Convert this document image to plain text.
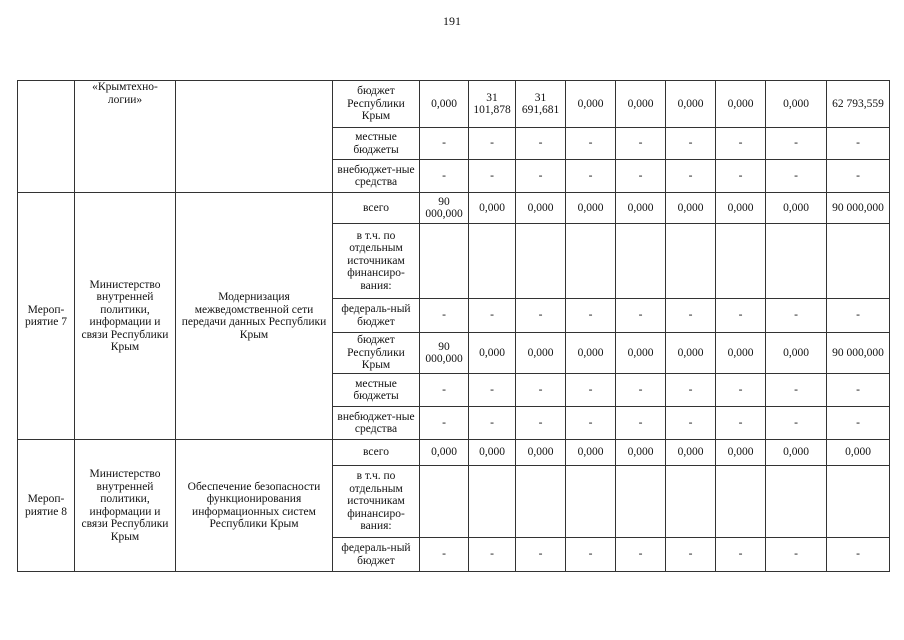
191
	«Крымтехно-логии»		бюджет Республики Крым	0,000	31 101,878	31 691,681	0,000	0,000	0,000	0,000	0,000	62 793,559
			местные бюджеты	-	-	-	-	-	-	-	-	-
			внебюджет-ные средства	-	-	-	-	-	-	-	-	-
Мероп-риятие 7	Министерство внутренней политики, информации и связи Республики Крым	Модернизация межведомственной сети передачи данных Республики Крым	всего	90 000,000	0,000	0,000	0,000	0,000	0,000	0,000	0,000	90 000,000
			в т.ч. по отдельным источникам финансиро-вания:									
			федераль-ный бюджет	-	-	-	-	-	-	-	-	-
			бюджет Республики Крым	90 000,000	0,000	0,000	0,000	0,000	0,000	0,000	0,000	90 000,000
			местные бюджеты	-	-	-	-	-	-	-	-	-
			внебюджет-ные средства	-	-	-	-	-	-	-	-	-
Мероп-риятие 8	Министерство внутренней политики, информации и связи Республики Крым	Обеспечение безопасности функционирования информационных систем Республики Крым	всего	0,000	0,000	0,000	0,000	0,000	0,000	0,000	0,000	0,000
			в т.ч. по отдельным источникам финансиро-вания:									
			федераль-ный бюджет	-	-	-	-	-	-	-	-	-
